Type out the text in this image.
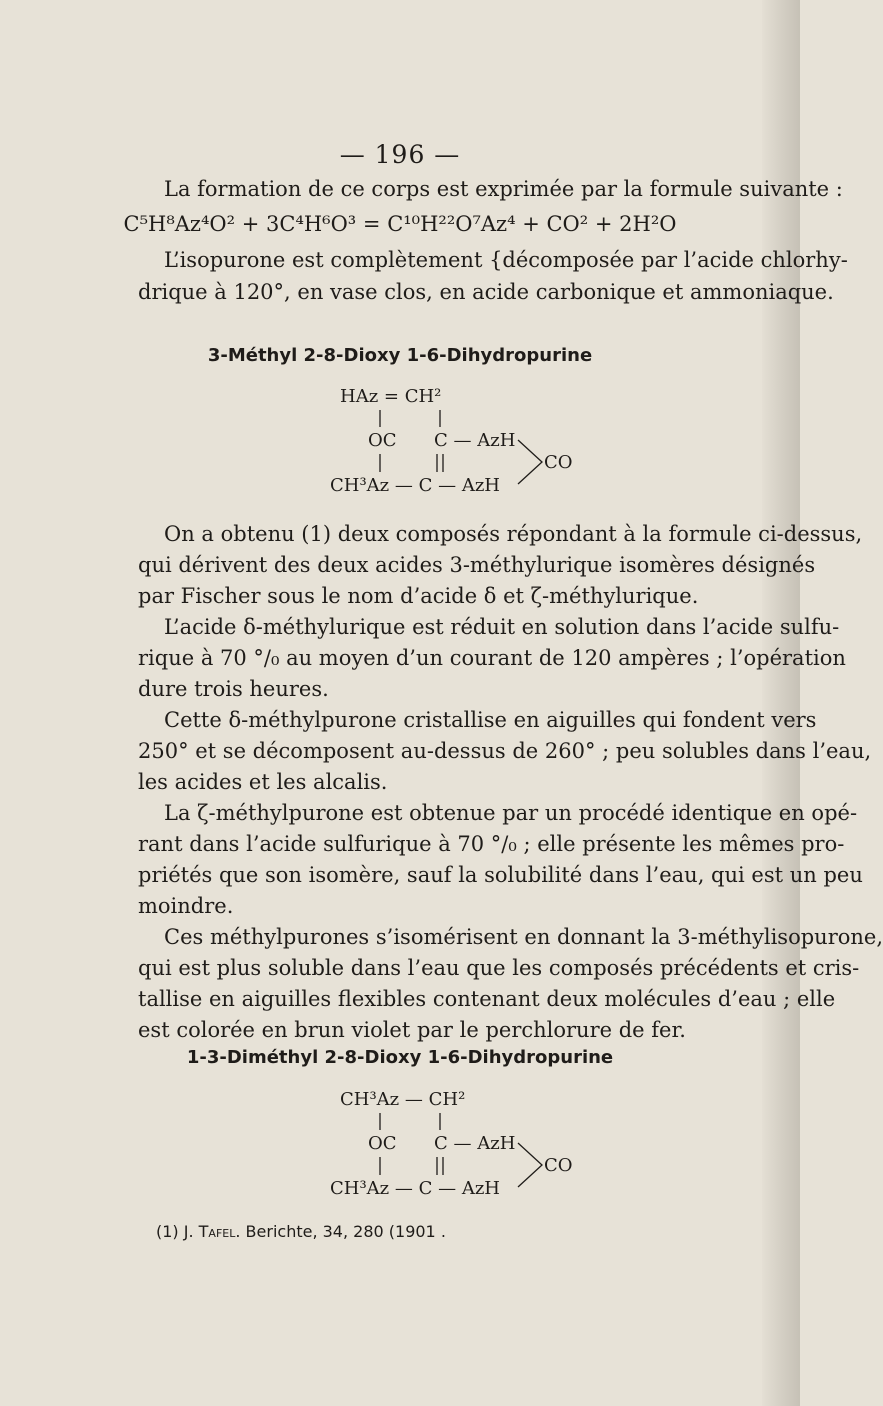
— 196 —
La formation de ce corps est exprimée par la formule suivante :
C⁵H⁸Az⁴O² + 3C⁴H⁶O³ = C¹⁰H²²O⁷Az⁴ + CO² + 2H²O
L’isopurone est complètement {décomposée par l’acide chlorhy-
drique à 120°, en vase clos, en acide carbonique et ammoniaque.
3-Méthyl 2-8-Dioxy 1-6-Dihydropurine
HAz = CH²
OC C — AzH
CO
CH³Az — C — AzH
On a obtenu (1) deux composés répondant à la formule ci-dessus,
qui dérivent des deux acides 3-méthylurique isomères désignés
par Fischer sous le nom d’acide δ et ζ-méthylurique.
L’acide δ-méthylurique est réduit en solution dans l’acide sulfu-
rique à 70 °/₀ au moyen d’un courant de 120 ampères ; l’opération
dure trois heures.
Cette δ-méthylpurone cristallise en aiguilles qui fondent vers
250° et se décomposent au-dessus de 260° ; peu solubles dans l’eau,
les acides et les alcalis.
La ζ-méthylpurone est obtenue par un procédé identique en opé-
rant dans l’acide sulfurique à 70 °/₀ ; elle présente les mêmes pro-
priétés que son isomère, sauf la solubilité dans l’eau, qui est un peu
moindre.
Ces méthylpurones s’isomérisent en donnant la 3-méthylisopurone,
qui est plus soluble dans l’eau que les composés précédents et cris-
tallise en aiguilles flexibles contenant deux molécules d’eau ; elle
est colorée en brun violet par le perchlorure de fer.
1-3-Diméthyl 2-8-Dioxy 1-6-Dihydropurine
CH³Az — CH²
OC C — AzH
CO
CH³Az — C — AzH
(1) J. Tafel. Berichte, 34, 280 (1901 .
